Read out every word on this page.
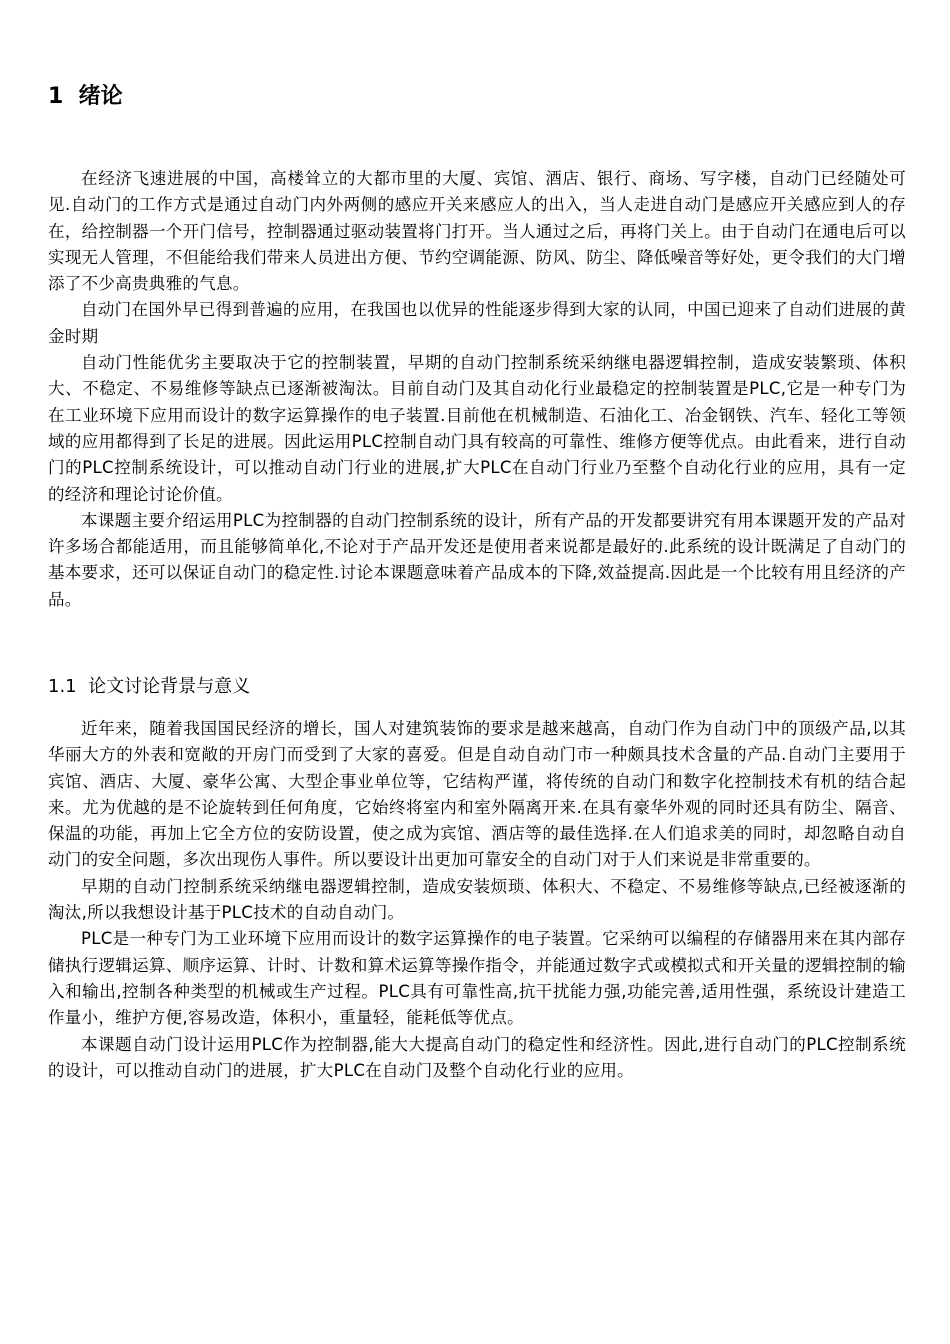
1 绪论

在经济飞速进展的中国，高楼耸立的大都市里的大厦、宾馆、酒店、银行、商场、写字楼，自动门已经随处可见.自动门的工作方式是通过自动门内外两侧的感应开关来感应人的出入，当人走进自动门是感应开关感应到人的存在，给控制器一个开门信号，控制器通过驱动装置将门打开。当人通过之后，再将门关上。由于自动门在通电后可以实现无人管理，不但能给我们带来人员进出方便、节约空调能源、防风、防尘、降低噪音等好处，更令我们的大门增添了不少高贵典雅的气息。

自动门在国外早已得到普遍的应用，在我国也以优异的性能逐步得到大家的认同，中国已迎来了自动们进展的黄金时期

自动门性能优劣主要取决于它的控制装置，早期的自动门控制系统采纳继电器逻辑控制，造成安装繁琐、体积大、不稳定、不易维修等缺点已逐渐被淘汰。目前自动门及其自动化行业最稳定的控制装置是PLC,它是一种专门为在工业环境下应用而设计的数字运算操作的电子装置.目前他在机械制造、石油化工、冶金钢铁、汽车、轻化工等领域的应用都得到了长足的进展。因此运用PLC控制自动门具有较高的可靠性、维修方便等优点。由此看来，进行自动门的PLC控制系统设计，可以推动自动门行业的进展,扩大PLC在自动门行业乃至整个自动化行业的应用，具有一定的经济和理论讨论价值。

本课题主要介绍运用PLC为控制器的自动门控制系统的设计，所有产品的开发都要讲究有用本课题开发的产品对许多场合都能适用，而且能够简单化,不论对于产品开发还是使用者来说都是最好的.此系统的设计既满足了自动门的基本要求，还可以保证自动门的稳定性.讨论本课题意味着产品成本的下降,效益提高.因此是一个比较有用且经济的产品。

1.1 论文讨论背景与意义

近年来，随着我国国民经济的增长，国人对建筑装饰的要求是越来越高，自动门作为自动门中的顶级产品,以其华丽大方的外表和宽敞的开房门而受到了大家的喜爱。但是自动自动门市一种颇具技术含量的产品.自动门主要用于宾馆、酒店、大厦、豪华公寓、大型企事业单位等，它结构严谨，将传统的自动门和数字化控制技术有机的结合起来。尤为优越的是不论旋转到任何角度，它始终将室内和室外隔离开来.在具有豪华外观的同时还具有防尘、隔音、保温的功能，再加上它全方位的安防设置，使之成为宾馆、酒店等的最佳选择.在人们追求美的同时，却忽略自动自动门的安全问题，多次出现伤人事件。所以要设计出更加可靠安全的自动门对于人们来说是非常重要的。

早期的自动门控制系统采纳继电器逻辑控制，造成安装烦琐、体积大、不稳定、不易维修等缺点,已经被逐渐的淘汰,所以我想设计基于PLC技术的自动自动门。

PLC是一种专门为工业环境下应用而设计的数字运算操作的电子装置。它采纳可以编程的存储器用来在其内部存储执行逻辑运算、顺序运算、计时、计数和算术运算等操作指令，并能通过数字式或模拟式和开关量的逻辑控制的输入和输出,控制各种类型的机械或生产过程。PLC具有可靠性高,抗干扰能力强,功能完善,适用性强，系统设计建造工作量小，维护方便,容易改造，体积小，重量轻，能耗低等优点。

本课题自动门设计运用PLC作为控制器,能大大提高自动门的稳定性和经济性。因此,进行自动门的PLC控制系统的设计，可以推动自动门的进展，扩大PLC在自动门及整个自动化行业的应用。
